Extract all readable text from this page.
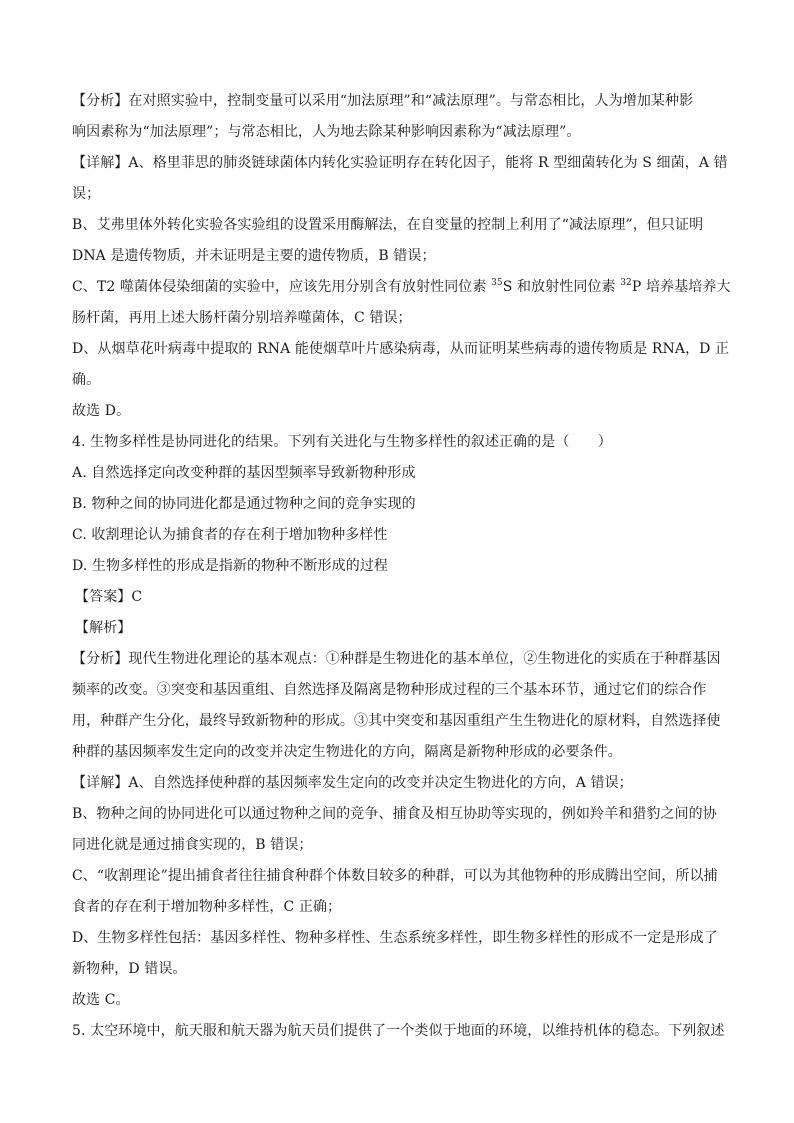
【分析】在对照实验中，控制变量可以采用“加法原理”和“减法原理”。与常态相比，人为增加某种影
响因素称为“加法原理”；与常态相比，人为地去除某种影响因素称为“减法原理”。
【详解】A、格里菲思的肺炎链球菌体内转化实验证明存在转化因子，能将 R 型细菌转化为 S 细菌，A 错
误；
B、艾弗里体外转化实验各实验组的设置采用酶解法，在自变量的控制上利用了“减法原理”，但只证明
DNA 是遗传物质，并未证明是主要的遗传物质，B 错误；
C、T2 噬菌体侵染细菌的实验中，应该先用分别含有放射性同位素 $^{35}$S 和放射性同位素 $^{32}$P 培养基培养大
肠杆菌，再用上述大肠杆菌分别培养噬菌体，C 错误；
D、从烟草花叶病毒中提取的 RNA 能使烟草叶片感染病毒，从而证明某些病毒的遗传物质是 RNA，D 正
确。
故选 D。
4. 生物多样性是协同进化的结果。下列有关进化与生物多样性的叙述正确的是（　　）
A. 自然选择定向改变种群的基因型频率导致新物种形成
B. 物种之间的协同进化都是通过物种之间的竞争实现的
C. 收割理论认为捕食者的存在利于增加物种多样性
D. 生物多样性的形成是指新的物种不断形成的过程
【答案】C
【解析】
【分析】现代生物进化理论的基本观点：①种群是生物进化的基本单位，②生物进化的实质在于种群基因
频率的改变。③突变和基因重组、自然选择及隔离是物种形成过程的三个基本环节，通过它们的综合作
用，种群产生分化，最终导致新物种的形成。③其中突变和基因重组产生生物进化的原材料，自然选择使
种群的基因频率发生定向的改变并决定生物进化的方向，隔离是新物种形成的必要条件。
【详解】A、自然选择使种群的基因频率发生定向的改变并决定生物进化的方向，A 错误；
B、物种之间的协同进化可以通过物种之间的竞争、捕食及相互协助等实现的，例如羚羊和猎豹之间的协
同进化就是通过捕食实现的，B 错误；
C、“收割理论”提出捕食者往往捕食种群个体数目较多的种群，可以为其他物种的形成腾出空间，所以捕
食者的存在利于增加物种多样性，C 正确；
D、生物多样性包括：基因多样性、物种多样性、生态系统多样性，即生物多样性的形成不一定是形成了
新物种，D 错误。
故选 C。
5. 太空环境中，航天服和航天器为航天员们提供了一个类似于地面的环境，以维持机体的稳态。下列叙述
